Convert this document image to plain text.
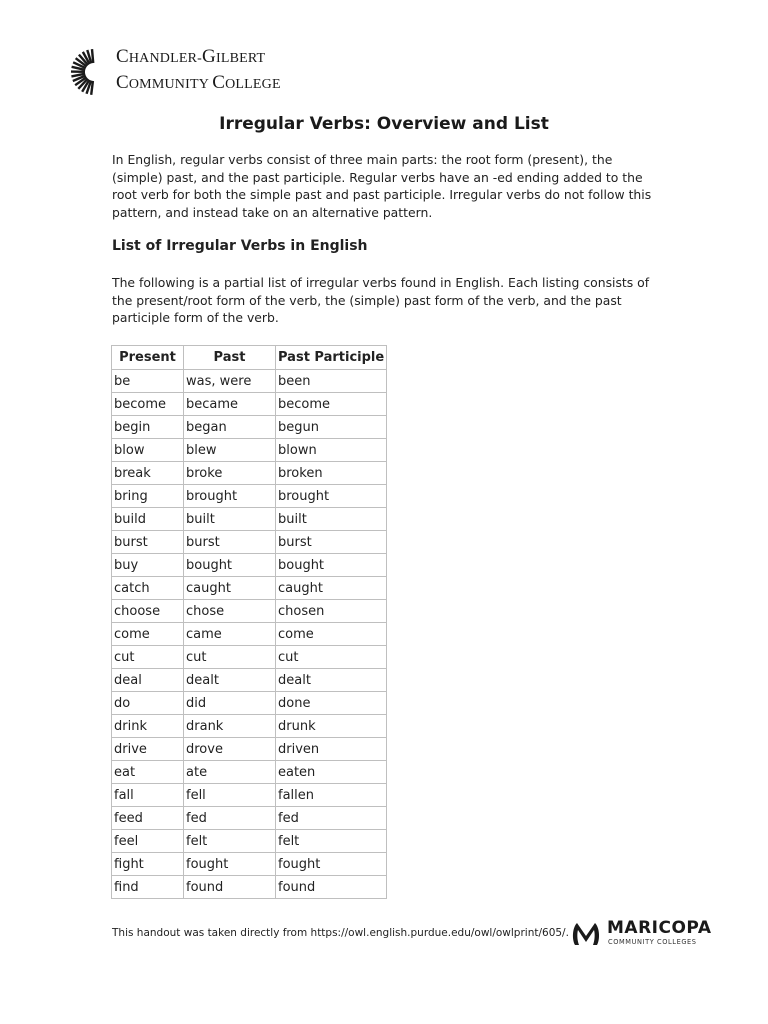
CHANDLER-GILBERT
COMMUNITY COLLEGE
Irregular Verbs: Overview and List
In English, regular verbs consist of three main parts: the root form (present), the (simple) past, and the past participle. Regular verbs have an -ed ending added to the root verb for both the simple past and past participle. Irregular verbs do not follow this pattern, and instead take on an alternative pattern.
List of Irregular Verbs in English
The following is a partial list of irregular verbs found in English. Each listing consists of the present/root form of the verb, the (simple) past form of the verb, and the past participle form of the verb.
Present	Past	Past Participle
be	was, were	been
become	became	become
begin	began	begun
blow	blew	blown
break	broke	broken
bring	brought	brought
build	built	built
burst	burst	burst
buy	bought	bought
catch	caught	caught
choose	chose	chosen
come	came	come
cut	cut	cut
deal	dealt	dealt
do	did	done
drink	drank	drunk
drive	drove	driven
eat	ate	eaten
fall	fell	fallen
feed	fed	fed
feel	felt	felt
fight	fought	fought
find	found	found
This handout was taken directly from https://owl.english.purdue.edu/owl/owlprint/605/. MARICOPA
COMMUNITY COLLEGES
